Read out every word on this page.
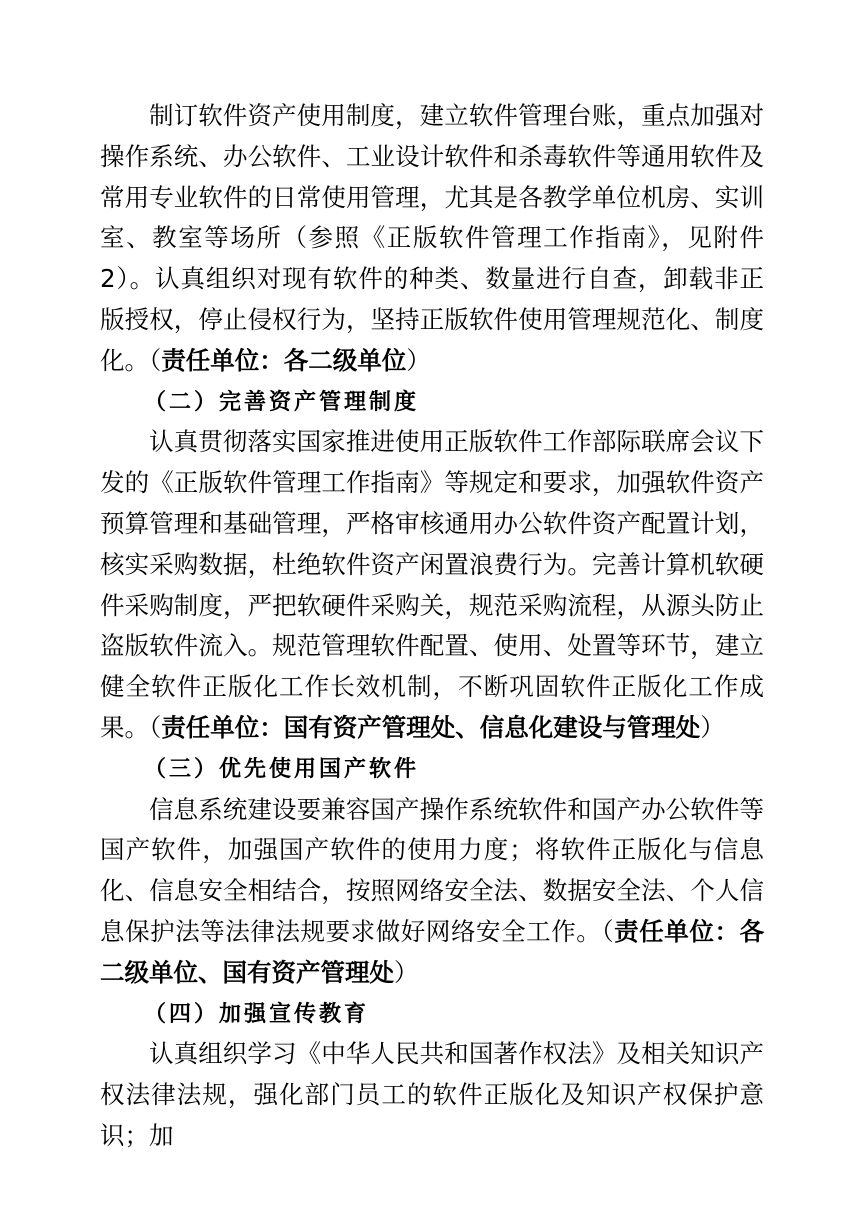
制订软件资产使用制度，建立软件管理台账，重点加强对操作系统、办公软件、工业设计软件和杀毒软件等通用软件及常用专业软件的日常使用管理，尤其是各教学单位机房、实训室、教室等场所（参照《正版软件管理工作指南》，见附件 2）。认真组织对现有软件的种类、数量进行自查，卸载非正版授权，停止侵权行为，坚持正版软件使用管理规范化、制度化。（责任单位：各二级单位）

（二）完善资产管理制度

认真贯彻落实国家推进使用正版软件工作部际联席会议下发的《正版软件管理工作指南》等规定和要求，加强软件资产预算管理和基础管理，严格审核通用办公软件资产配置计划，核实采购数据，杜绝软件资产闲置浪费行为。完善计算机软硬件采购制度，严把软硬件采购关，规范采购流程，从源头防止盗版软件流入。规范管理软件配置、使用、处置等环节，建立健全软件正版化工作长效机制，不断巩固软件正版化工作成果。（责任单位：国有资产管理处、信息化建设与管理处）

（三）优先使用国产软件

信息系统建设要兼容国产操作系统软件和国产办公软件等国产软件，加强国产软件的使用力度；将软件正版化与信息化、信息安全相结合，按照网络安全法、数据安全法、个人信息保护法等法律法规要求做好网络安全工作。（责任单位：各二级单位、国有资产管理处）

（四）加强宣传教育

认真组织学习《中华人民共和国著作权法》及相关知识产权法律法规，强化部门员工的软件正版化及知识产权保护意识；加
